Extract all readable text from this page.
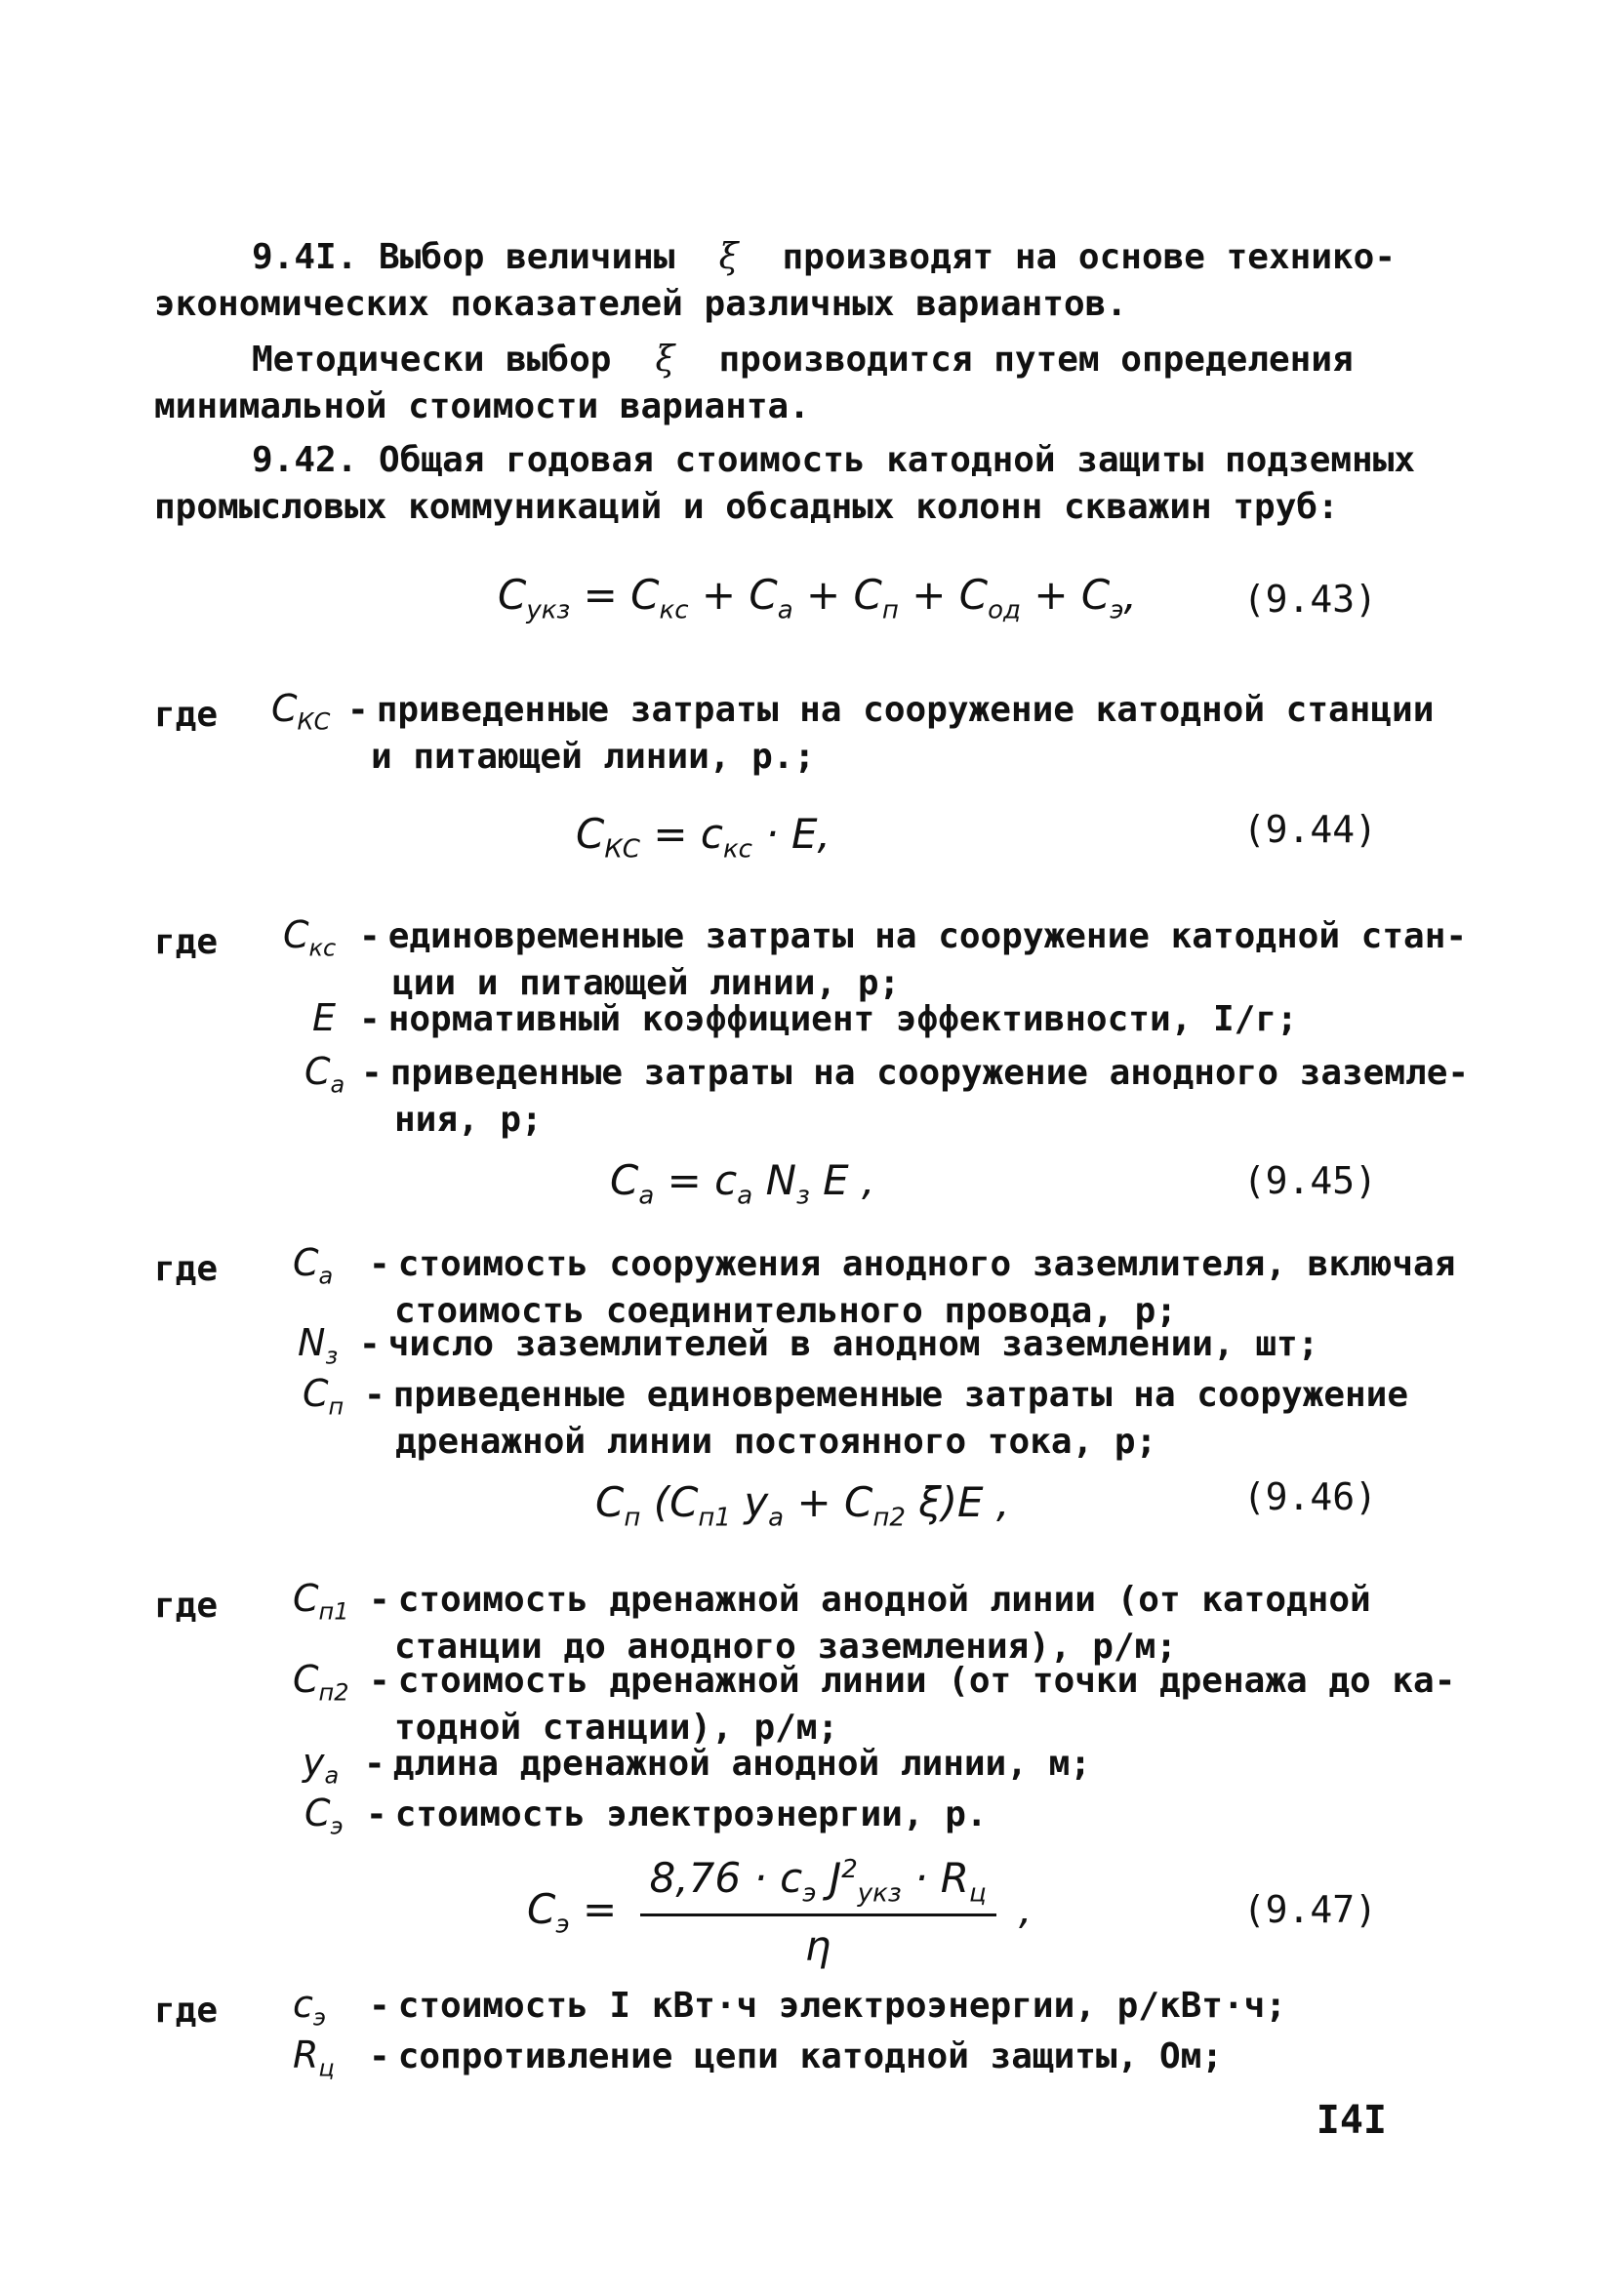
9.4I. Выбор величины ξ производят на основе технико-
экономических показателей различных вариантов.
Методически выбор ξ производится путем определения
минимальной стоимости варианта.
9.42. Общая годовая стоимость катодной защиты подземных
промысловых коммуникаций и обсадных колонн скважин труб:
$C_{укз} = C_{кс} + C_а + C_п + C_{од} + C_э$,	(9.43)
где $C_{КС}$ - приведенные затраты на сооружение катодной станции
и питающей линии, р.;
$C_{КС} = c_{кс} \cdot E$,	(9.44)
где $C_{кс}$ - единовременные затраты на сооружение катодной стан-
ции и питающей линии, р;
E - нормативный коэффициент эффективности, I/г;
$C_а$ - приведенные затраты на сооружение анодного заземле-
ния, р;
$C_а = c_а$ $N_з$ E ,	(9.45)
где $C_а$ - стоимость сооружения анодного заземлителя, включая
стоимость соединительного провода, р;
$N_з$ - число заземлителей в анодном заземлении, шт;
$C_п$ - приведенные единовременные затраты на сооружение
дренажной линии постоянного тока, р;
$C_п$ ($C_{п1}$ $y_а + C_{п2}$ ξ)E ,	(9.46)
где $C_{п1}$ - стоимость дренажной анодной линии (от катодной
станции до анодного заземления), р/м;
$C_{п2}$ - стоимость дренажной линии (от точки дренажа до ка-
тодной станции), р/м;
$y_а$ - длина дренажной анодной линии, м;
$C_э$ - стоимость электроэнергии, р.
$C_э = \frac{8,76 \cdot c_э J^2_{укз} \cdot R_ц}{\eta}$ ,	(9.47)
где $c_э$ - стоимость I кВт·ч электроэнергии, р/кВт·ч;
$R_ц$ - сопротивление цепи катодной защиты, Ом;
I4I
